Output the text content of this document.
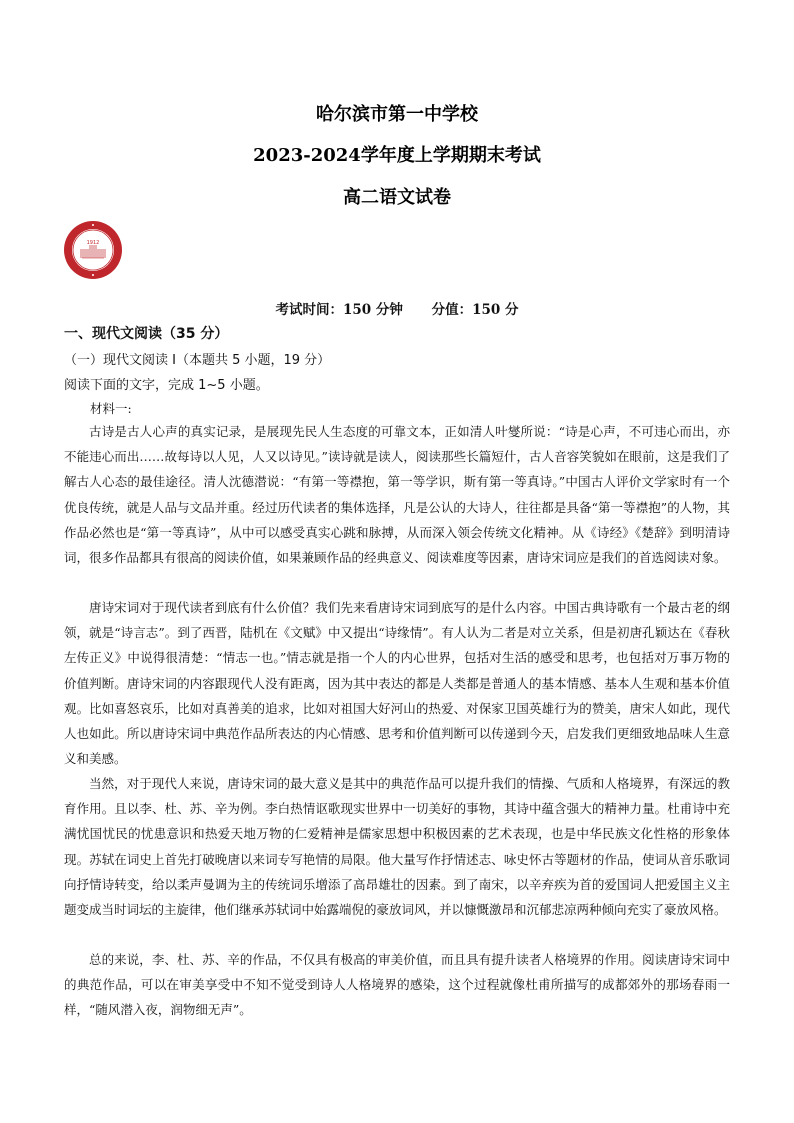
哈尔滨市第一中学校
2023-2024学年度上学期期末考试
高二语文试卷
1912
考试时间：150 分钟 分值：150 分
一、现代文阅读（35 分）
（一）现代文阅读 I（本题共 5 小题，19 分）
阅读下面的文字，完成 1~5 小题。
材料一:

古诗是古人心声的真实记录，是展现先民人生态度的可靠文本，正如清人叶燮所说：“诗是心声，不可违心而出，亦不能违心而出……故每诗以人见，人又以诗见。”读诗就是读人，阅读那些长篇短什，古人音容笑貌如在眼前，这是我们了解古人心态的最佳途径。清人沈德潜说：“有第一等襟抱，第一等学识，斯有第一等真诗。”中国古人评价文学家时有一个优良传统，就是人品与文品并重。经过历代读者的集体选择，凡是公认的大诗人，往往都是具备“第一等襟抱”的人物，其作品必然也是“第一等真诗”，从中可以感受真实心跳和脉搏，从而深入领会传统文化精神。从《诗经》《楚辞》到明清诗词，很多作品都具有很高的阅读价值，如果兼顾作品的经典意义、阅读难度等因素，唐诗宋词应是我们的首选阅读对象。

唐诗宋词对于现代读者到底有什么价值？我们先来看唐诗宋词到底写的是什么内容。中国古典诗歌有一个最古老的纲领，就是“诗言志”。到了西晋，陆机在《文赋》中又提出“诗缘情”。有人认为二者是对立关系，但是初唐孔颖达在《春秋左传正义》中说得很清楚：“情志一也。”情志就是指一个人的内心世界，包括对生活的感受和思考，也包括对万事万物的价值判断。唐诗宋词的内容跟现代人没有距离，因为其中表达的都是人类都是普通人的基本情感、基本人生观和基本价值观。比如喜怒哀乐，比如对真善美的追求，比如对祖国大好河山的热爱、对保家卫国英雄行为的赞美，唐宋人如此，现代人也如此。所以唐诗宋词中典范作品所表达的内心情感、思考和价值判断可以传递到今天，启发我们更细致地品味人生意义和美感。

当然，对于现代人来说，唐诗宋词的最大意义是其中的典范作品可以提升我们的情操、气质和人格境界，有深远的教育作用。且以李、杜、苏、辛为例。李白热情讴歌现实世界中一切美好的事物，其诗中蕴含强大的精神力量。杜甫诗中充满忧国忧民的忧患意识和热爱天地万物的仁爱精神是儒家思想中积极因素的艺术表现，也是中华民族文化性格的形象体现。苏轼在词史上首先打破晚唐以来词专写艳情的局限。他大量写作抒情述志、咏史怀古等题材的作品，使词从音乐歌词向抒情诗转变，给以柔声曼调为主的传统词乐增添了高昂雄壮的因素。到了南宋，以辛弃疾为首的爱国词人把爱国主义主题变成当时词坛的主旋律，他们继承苏轼词中始露端倪的豪放词风，并以慷慨激昂和沉郁悲凉两种倾向充实了豪放风格。

总的来说，李、杜、苏、辛的作品，不仅具有极高的审美价值，而且具有提升读者人格境界的作用。阅读唐诗宋词中的典范作品，可以在审美享受中不知不觉受到诗人人格境界的感染，这个过程就像杜甫所描写的成都郊外的那场春雨一样，“随风潜入夜，润物细无声”。
